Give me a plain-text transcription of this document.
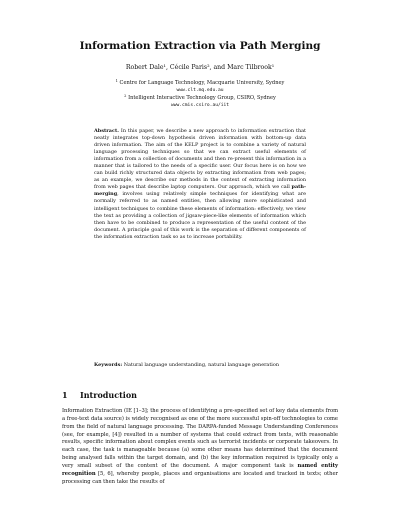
Information Extraction via Path Merging
Robert Dale¹, Cécile Paris², and Marc Tilbrook¹
$^1$ Centre for Language Technology, Macquarie University, Sydney
www.clt.mq.edu.au
$^2$ Intelligent Interactive Technology Group, CSIRO, Sydney
www.cmis.csiro.au/iit
Abstract. In this paper, we describe a new approach to information extraction that neatly integrates top-down hypothesis driven information with bottom-up data driven information. The aim of the KELP project is to combine a variety of natural language processing techniques so that we can extract useful elements of information from a collection of documents and then re-present this information in a manner that is tailored to the needs of a specific user. Our focus here is on how we can build richly structured data objects by extracting information from web pages; as an example, we describe our methods in the context of extracting information from web pages that describe laptop computers. Our approach, which we call path-merging, involves using relatively simple techniques for identifying what are normally referred to as named entities, then allowing more sophisticated and intelligent techniques to combine these elements of information: effectively, we view the text as providing a collection of jigsaw-piece-like elements of information which then have to be combined to produce a representation of the useful content of the document. A principle goal of this work is the separation of different components of the information extraction task so as to increase portability.
Keywords: Natural language understanding, natural language generation
1 Introduction
Information Extraction (IE [1–3]; the process of identifying a pre-specified set of key data elements from a free-text data source) is widely recognised as one of the more successful spin-off technologies to come from the field of natural language processing. The DARPA-funded Message Understanding Conferences (see, for example, [4]) resulted in a number of systems that could extract from texts, with reasonable results, specific information about complex events such as terrorist incidents or corporate takeovers. In each case, the task is manageable because (a) some other means has determined that the document being analysed falls within the target domain, and (b) the key information required is typically only a very small subset of the content of the document. A major component task is named entity recognition [5, 6], whereby people, places and organisations are located and tracked in texts; other processing can then take the results of
